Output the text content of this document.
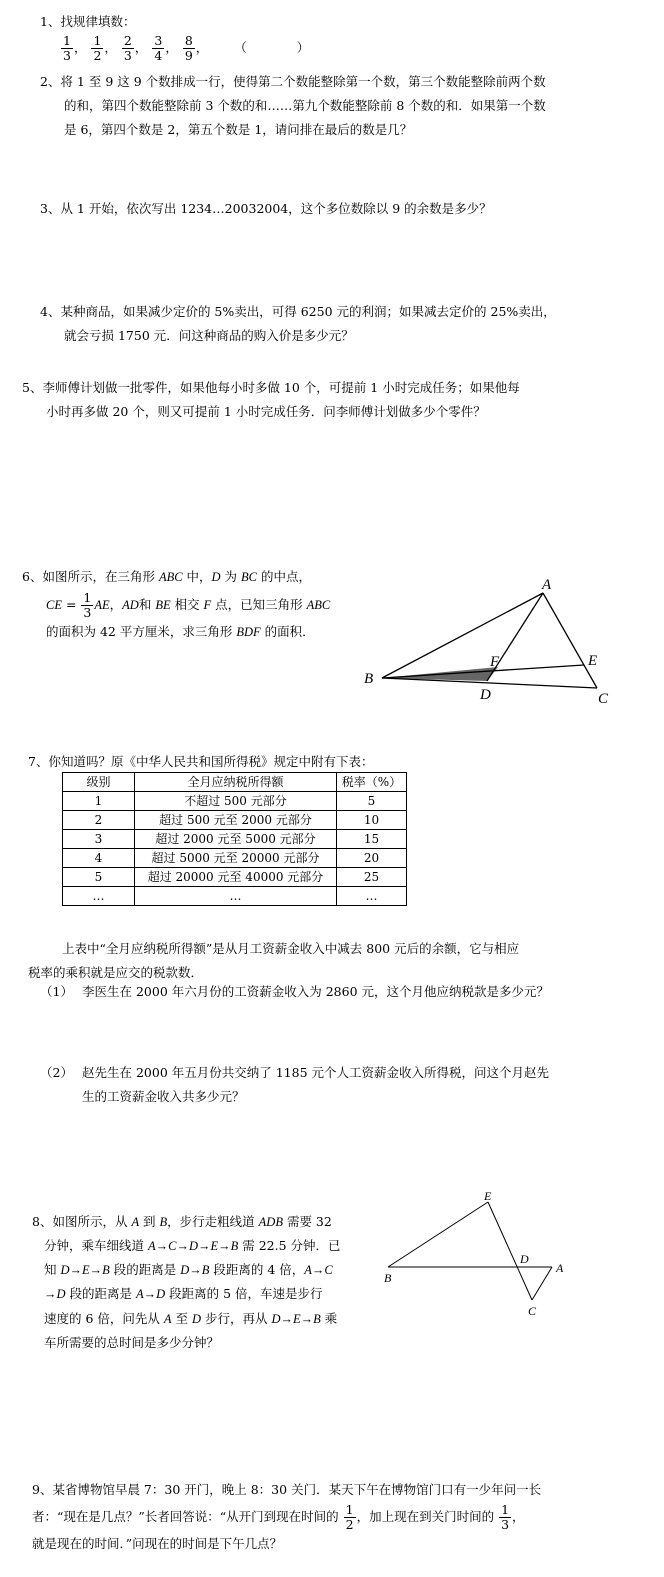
1、找规律填数：
$\frac{1}{3}$ ， $\frac{1}{2}$ ， $\frac{2}{3}$ ， $\frac{3}{4}$ ， $\frac{8}{9}$ ， （　　　　）
2、将 1 至 9 这 9 个数排成一行，使得第二个数能整除第一个数，第三个数能整除前两个数
的和，第四个数能整除前 3 个数的和……第九个数能整除前 8 个数的和．如果第一个数
是 6，第四个数是 2，第五个数是 1，请问排在最后的数是几？
3、从 1 开始，依次写出 1234…20032004，这个多位数除以 9 的余数是多少？
4、某种商品，如果减少定价的 5%卖出，可得 6250 元的利润；如果减去定价的 25%卖出，
就会亏损 1750 元．问这种商品的购入价是多少元？
5、李师傅计划做一批零件，如果他每小时多做 10 个，可提前 1 小时完成任务；如果他每
小时再多做 20 个，则又可提前 1 小时完成任务．问李师傅计划做多少个零件？
6、如图所示，在三角形 ABC 中，D 为 BC 的中点，
CE = $\frac{1}{3}$ AE，AD和 BE 相交 F 点，已知三角形 ABC
的面积为 42 平方厘米，求三角形 BDF 的面积．
A
B
C
D
E
F
7、你知道吗？原《中华人民共和国所得税》规定中附有下表：
级别	全月应纳税所得额	税率（%）
1	不超过 500 元部分	5
2	超过 500 元至 2000 元部分	10
3	超过 2000 元至 5000 元部分	15
4	超过 5000 元至 20000 元部分	20
5	超过 20000 元至 40000 元部分	25
…	…	…
上表中“全月应纳税所得额”是从月工资薪金收入中减去 800 元后的余额，它与相应
税率的乘积就是应交的税款数．
（1） 李医生在 2000 年六月份的工资薪金收入为 2860 元，这个月他应纳税款是多少元？
（2） 赵先生在 2000 年五月份共交纳了 1185 元个人工资薪金收入所得税，问这个月赵先
生的工资薪金收入共多少元？
8、如图所示，从 A 到 B，步行走粗线道 ADB 需要 32
分钟，乘车细线道 A→C→D→E→B 需 22.5 分钟．已
知 D→E→B 段的距离是 D→B 段距离的 4 倍，A→C
→D 段的距离是 A→D 段距离的 5 倍，车速是步行
速度的 6 倍，问先从 A 至 D 步行，再从 D→E→B 乘
车所需要的总时间是多少分钟？
E
B
D
A
C
9、某省博物馆早晨 7：30 开门，晚上 8：30 关门．某天下午在博物馆门口有一少年问一长
者：“现在是几点？”长者回答说：“从开门到现在时间的 $\frac{1}{2}$ ，加上现在到关门时间的 $\frac{1}{3}$ ，
就是现在的时间．”问现在的时间是下午几点？
